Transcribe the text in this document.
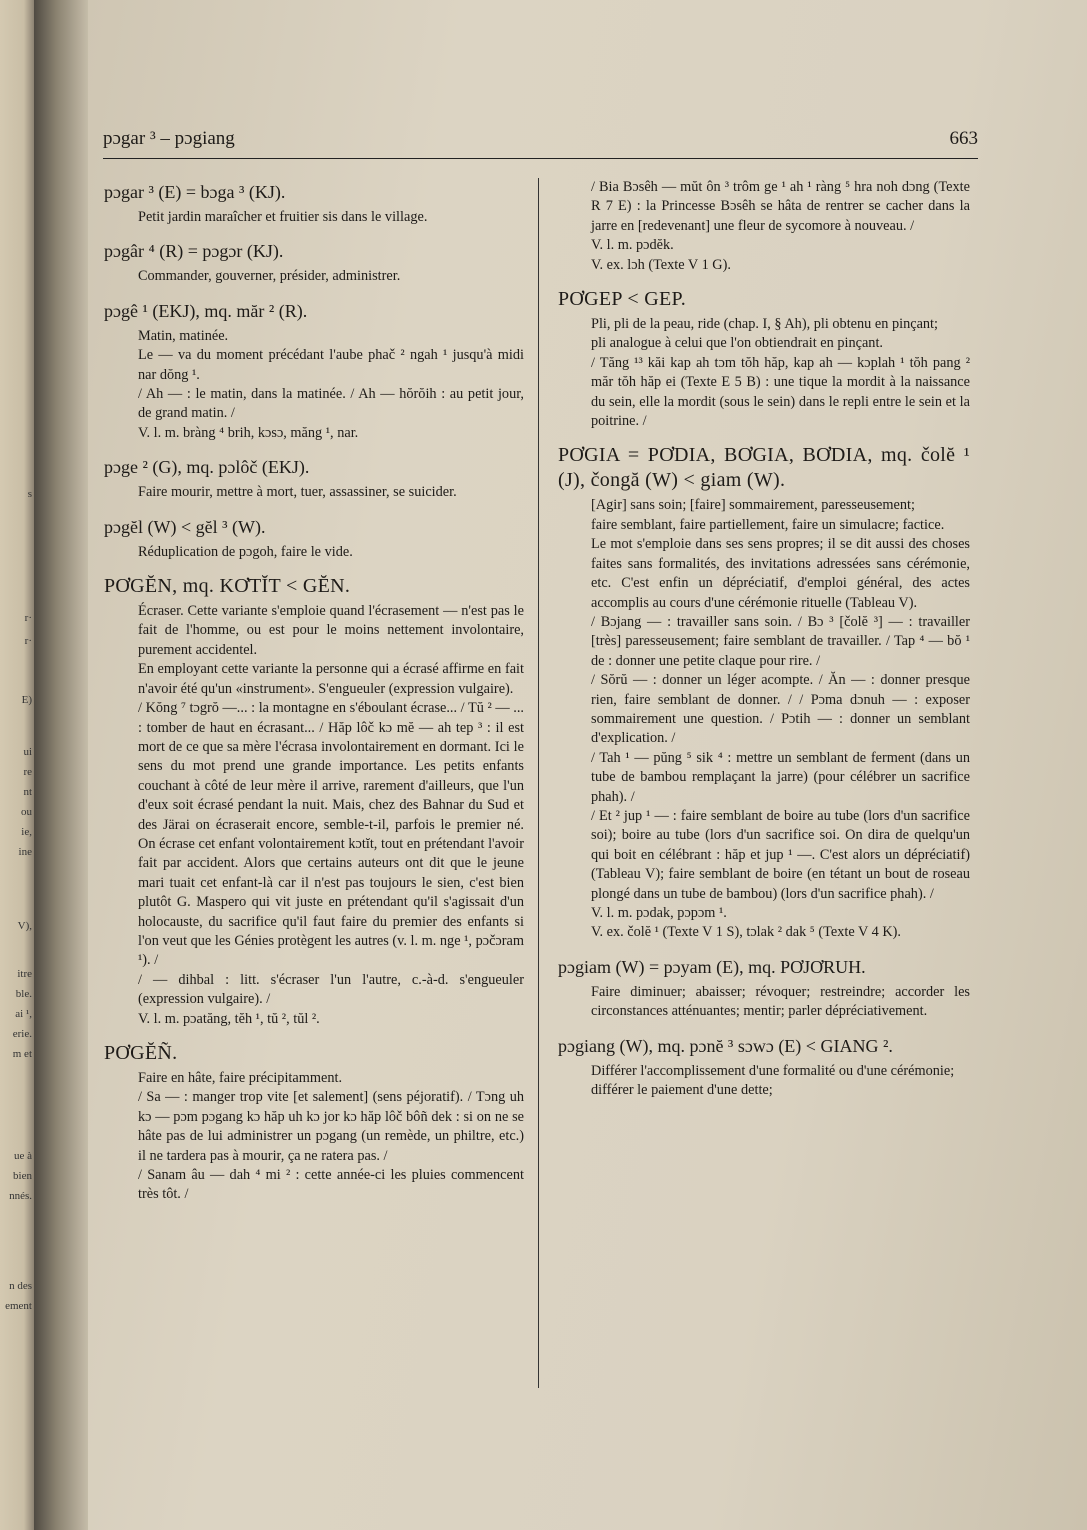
r·
s
r·
E)
ui
re
nt
ou
ie,
ine
V),
itre
ble.
ai ¹,
erie.
m et
ue à
bien
nnés.
n des
ement
pɔgar ³ – pɔgiang	663
pɔgar ³ (E) = bɔga ³ (KJ).

Petit jardin maraîcher et fruitier sis dans le village.

pɔgâr ⁴ (R) = pɔgɔr (KJ).

Commander, gouverner, présider, administrer.

pɔgê ¹ (EKJ), mq. măr ² (R).

Matin, matinée.

Le — va du moment précédant l'aube phač ² ngah ¹ jusqu'à midi nar dŏng ¹.

/ Ah — : le matin, dans la matinée. / Ah — hŏrŏih : au petit jour, de grand matin. /

V. l. m. bràng ⁴ brih, kɔsɔ, măng ¹, nar.

pɔge ² (G), mq. pɔlôč (EKJ).

Faire mourir, mettre à mort, tuer, assassiner, se suicider.

pɔgĕl (W) < gĕl ³ (W).

Réduplication de pɔgoh, faire le vide.

PƠGĔN, mq. KƠTĬT < GĔN.

Écraser. Cette variante s'emploie quand l'écrasement — n'est pas le fait de l'homme, ou est pour le moins nettement involontaire, purement accidentel.

En employant cette variante la personne qui a écrasé affirme en fait n'avoir été qu'un «instrument». S'engueuler (expression vulgaire).

/ Kŏng ⁷ tɔgrŏ —... : la montagne en s'éboulant écrase... / Tŭ ² — ... : tomber de haut en écrasant... / Hăp lôč kɔ mĕ — ah tep ³ : il est mort de ce que sa mère l'écrasa involontairement en dormant. Ici le sens du mot prend une grande importance. Les petits enfants couchant à côté de leur mère il arrive, rarement d'ailleurs, que l'un d'eux soit écrasé pendant la nuit. Mais, chez des Bahnar du Sud et des Järai on écraserait encore, semble-t-il, parfois le premier né. On écrase cet enfant volontairement kɔtĭt, tout en prétendant l'avoir fait par accident. Alors que certains auteurs ont dit que le jeune mari tuait cet enfant-là car il n'est pas toujours le sien, c'est bien plutôt G. Maspero qui vit juste en prétendant qu'il s'agissait d'un holocauste, du sacrifice qu'il faut faire du premier des enfants si l'on veut que les Génies protègent les autres (v. l. m. nge ¹, pɔčɔram ¹). /

/ — dihbal : litt. s'écraser l'un l'autre, c.-à-d. s'engueuler (expression vulgaire). /

V. l. m. pɔatăng, tĕh ¹, tŭ ², tŭl ².

PƠGĔÑ.

Faire en hâte, faire précipitamment.

/ Sa — : manger trop vite [et salement] (sens péjoratif). / Tɔng uh kɔ — pɔm pɔgang kɔ hăp uh kɔ jor kɔ hăp lôč bôñ dek : si on ne se hâte pas de lui administrer un pɔgang (un remède, un philtre, etc.) il ne tardera pas à mourir, ça ne ratera pas. /

/ Sanam âu — dah ⁴ mi ² : cette année-ci les pluies commencent très tôt. /

/ Bia Bɔsêh — mŭt ôn ³ trôm ge ¹ ah ¹ ràng ⁵ hra noh dɔng (Texte R 7 E) : la Princesse Bɔsêh se hâta de rentrer se cacher dans la jarre en [redevenant] une fleur de sycomore à nouveau. /

V. l. m. pɔdĕk.

V. ex. lɔh (Texte V 1 G).

PƠGEP < GEP.

Pli, pli de la peau, ride (chap. I, § Ah), pli obtenu en pinçant;

pli analogue à celui que l'on obtiendrait en pinçant.

/ Tăng ¹³ kăi kap ah tɔm tŏh hăp, kap ah — kɔplah ¹ tŏh pang ² măr tŏh hăp ei (Texte E 5 B) : une tique la mordit à la naissance du sein, elle la mordit (sous le sein) dans le repli entre le sein et la poitrine. /

PƠGIA = PƠDIA, BƠGIA, BƠDIA, mq. čolĕ ¹ (J), čongă (W) < giam (W).

[Agir] sans soin; [faire] sommairement, paresseusement;

faire semblant, faire partiellement, faire un simulacre; factice.

Le mot s'emploie dans ses sens propres; il se dit aussi des choses faites sans formalités, des invitations adressées sans cérémonie, etc. C'est enfin un dépréciatif, d'emploi général, des actes accomplis au cours d'une cérémonie rituelle (Tableau V).

/ Bɔjang — : travailler sans soin. / Bɔ ³ [čolĕ ³] — : travailler [très] paresseusement; faire semblant de travailler. / Tap ⁴ — bŏ ¹ de : donner une petite claque pour rire. /

/ Sŏrŭ — : donner un léger acompte. / Ăn — : donner presque rien, faire semblant de donner. / / Pɔma dɔnuh — : exposer sommairement une question. / Pɔtih — : donner un semblant d'explication. /

/ Tah ¹ — pŭng ⁵ sik ⁴ : mettre un semblant de ferment (dans un tube de bambou remplaçant la jarre) (pour célébrer un sacrifice phah). /

/ Et ² jup ¹ — : faire semblant de boire au tube (lors d'un sacrifice soi); boire au tube (lors d'un sacrifice soi. On dira de quelqu'un qui boit en célébrant : hăp et jup ¹ —. C'est alors un dépréciatif) (Tableau V); faire semblant de boire (en tétant un bout de roseau plongé dans un tube de bambou) (lors d'un sacrifice phah). /

V. l. m. pɔdak, pɔpɔm ¹.

V. ex. čolĕ ¹ (Texte V 1 S), tɔlak ² dak ⁵ (Texte V 4 K).

pɔgiam (W) = pɔyam (E), mq. PƠJƠRUH.

Faire diminuer; abaisser; révoquer; restreindre; accorder les circonstances atténuantes; mentir; parler dépréciativement.

pɔgiang (W), mq. pɔnĕ ³ sɔwɔ (E) < GIANG ².

Différer l'accomplissement d'une formalité ou d'une cérémonie;

différer le paiement d'une dette;
